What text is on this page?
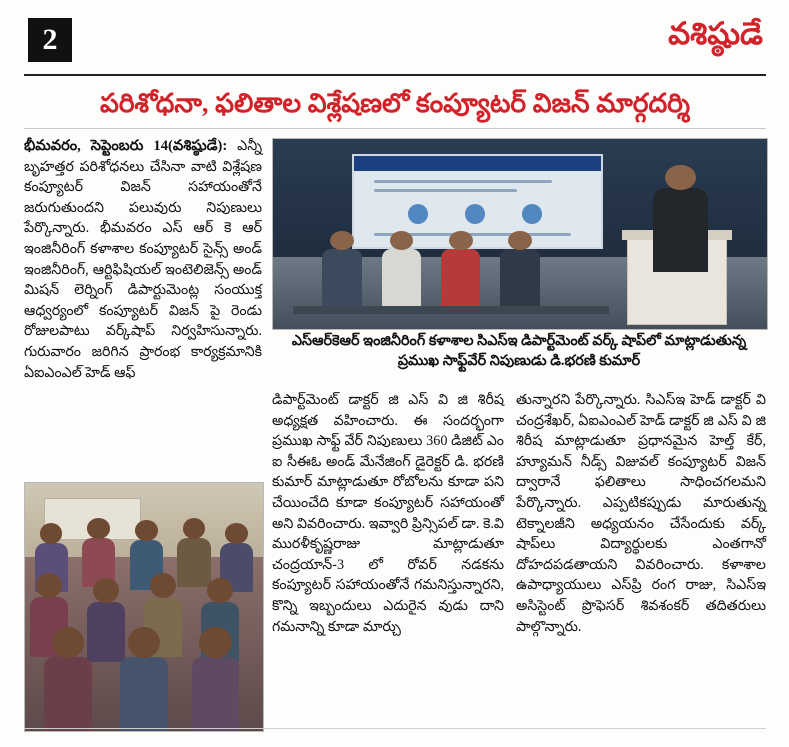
2	వశిష్ఠుడే
పరిశోధనా, ఫలితాల విశ్లేషణలో కంప్యూటర్ విజన్ మార్గదర్శి

భీమవరం, సెప్టెంబరు 14(వశిష్ఠుడే): ఎన్నీ బృహత్తర పరిశోధనలు చేసినా వాటి విశ్లేషణ కంప్యూటర్ విజన్ సహాయంతోనే జరుగుతుందని పలువురు నిపుణులు పేర్కొన్నారు. భీమవరం ఎస్ ఆర్ కె ఆర్ ఇంజినీరింగ్ కళాశాల కంప్యూటర్ సైన్స్ అండ్ ఇంజినీరింగ్, ఆర్టిఫిషియల్ ఇంటెలిజెన్స్ అండ్ మిషన్ లెర్నింగ్ డిపార్టుమెంట్ల సంయుక్త ఆధ్వర్యంలో కంప్యూటర్ విజన్ పై రెండు రోజులపాటు వర్క్‌షాప్ నిర్వహిసున్నారు. గురువారం జరిగిన ప్రారంభ కార్యక్రమానికి ఏఐఎంఎల్ హెడ్ ఆఫ్

ఎస్ఆర్‌కెఆర్ ఇంజినీరింగ్ కళాశాల సిఎస్ఇ డిపార్ట్‌మెంట్ వర్క్ షాప్‌లో మాట్లాడుతున్న ప్రముఖ సాఫ్ట్‌వేర్ నిపుణుడు డి.భరణి కుమార్

డిపార్ట్‌మెంట్ డాక్టర్ జి ఎస్ వి జి శిరీష అధ్యక్షత వహించారు. ఈ సందర్భంగా ప్రముఖ సాఫ్ట్ వేర్ నిపుణులు 360 డిజిట్ ఎం ఐ సీఈఓ అండ్ మేనేజింగ్ డైరెక్టర్ డి. భరణి కుమార్ మాట్లాడుతూ రోబోలను కూడా పని చేయించేది కూడా కంప్యూటర్ సహాయంతో అని వివరించారు. ఇవ్వారి ప్రిన్సిపల్ డా. కె.వి మురళీకృష్ణరాజు మాట్లాడుతూ చంద్రయాన్-3 లో రోవర్ నడకను కంప్యూటర్ సహాయంతోనే గమనిస్తున్నారని, కొన్ని ఇబ్బందులు ఎదురైన వుడు దాని గమనాన్ని కూడా మార్చు

తున్నారని పేర్కొన్నారు. సిఎస్ఇ హెడ్ డాక్టర్ వి చంద్రశేఖర్, ఏఐఎంఎల్ హెడ్ డాక్టర్ జి ఎస్ వి జి శిరీష మాట్లాడుతూ ప్రధానమైన హెల్త్ కేర్, హ్యూమన్ నీడ్స్ విజువల్ కంప్యూటర్ విజన్ ద్వారానే ఫలితాలు సాధించగలమని పేర్కొన్నారు. ఎప్పటికప్పుడు మారుతున్న టెక్నాలజీని అధ్యయనం చేసేందుకు వర్క్ షాప్‌లు విద్యార్థులకు ఎంతగానో దోహదపడతాయని వివరించారు. కళాశాల ఉపాధ్యాయులు ఎస్‌ప్రి రంగ రాజు, సిఎస్ఇ అసిస్టెంట్ ప్రొఫెసర్ శివశంకర్ తదితరులు పాల్గొన్నారు.
